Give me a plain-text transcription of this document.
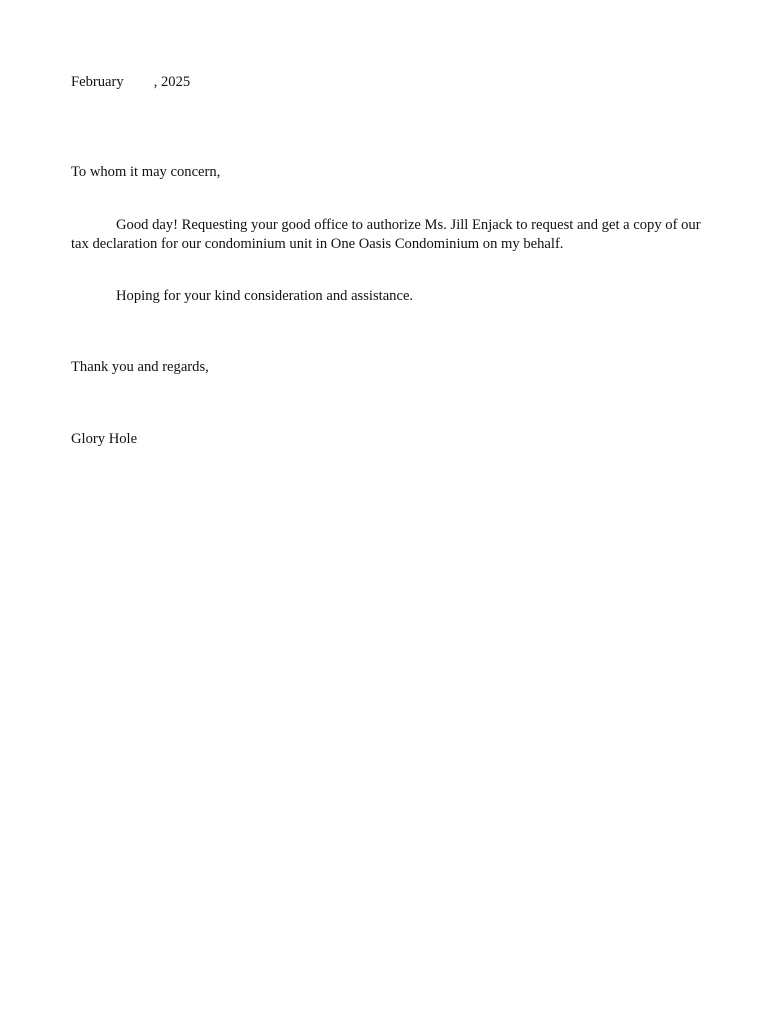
February , 2025
To whom it may concern,
Good day! Requesting your good office to authorize Ms. Jill Enjack to request and get a copy of our tax declaration for our condominium unit in One Oasis Condominium on my behalf.
Hoping for your kind consideration and assistance.
Thank you and regards,
Glory Hole
